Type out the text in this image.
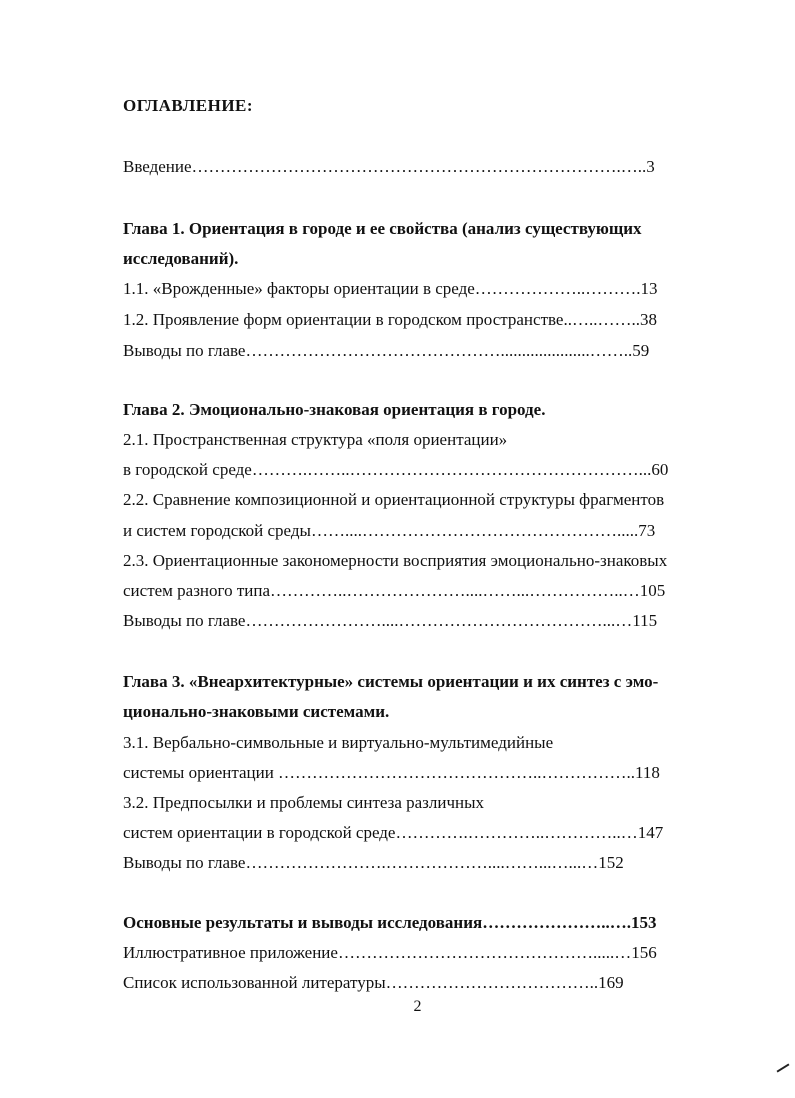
ОГЛАВЛЕНИЕ:
Введение………………………………………………………………….…..3
Глава 1. Ориентация в городе и ее свойства (анализ существующих
исследований).
1.1. «Врожденные» факторы ориентации в среде………………..……….13
1.2. Проявление форм ориентации в городском пространстве..…..……..38
Выводы по главе……………………………………….....................……..59
Глава 2. Эмоционально-знаковая ориентация в городе.
2.1. Пространственная структура «поля ориентации»
в городской среде……….……..……………………………………………...60
2.2. Сравнение композиционной и ориентационной структуры фрагментов
и систем городской среды……....……………………………………….....73
2.3. Ориентационные закономерности восприятия эмоционально-знаковых
систем разного типа…………..…………………....……...……………..…105
Выводы по главе……………………....………………………………...…115
Глава 3. «Внеархитектурные» системы ориентации и их синтез с эмо-
ционально-знаковыми системами.
3.1. Вербально-символьные и виртуально-мультимедийные
системы ориентации ………………………………………..……………..118
3.2. Предпосылки и проблемы синтеза различных
систем ориентации в городской среде………….…………..…………..…147
Выводы по главе…………………….………………....……...…...…152
Основные результаты и выводы исследования…………………..….153
Иллюстративное приложение……………………………………….....…156
Список использованной литературы………………………………..169
2
